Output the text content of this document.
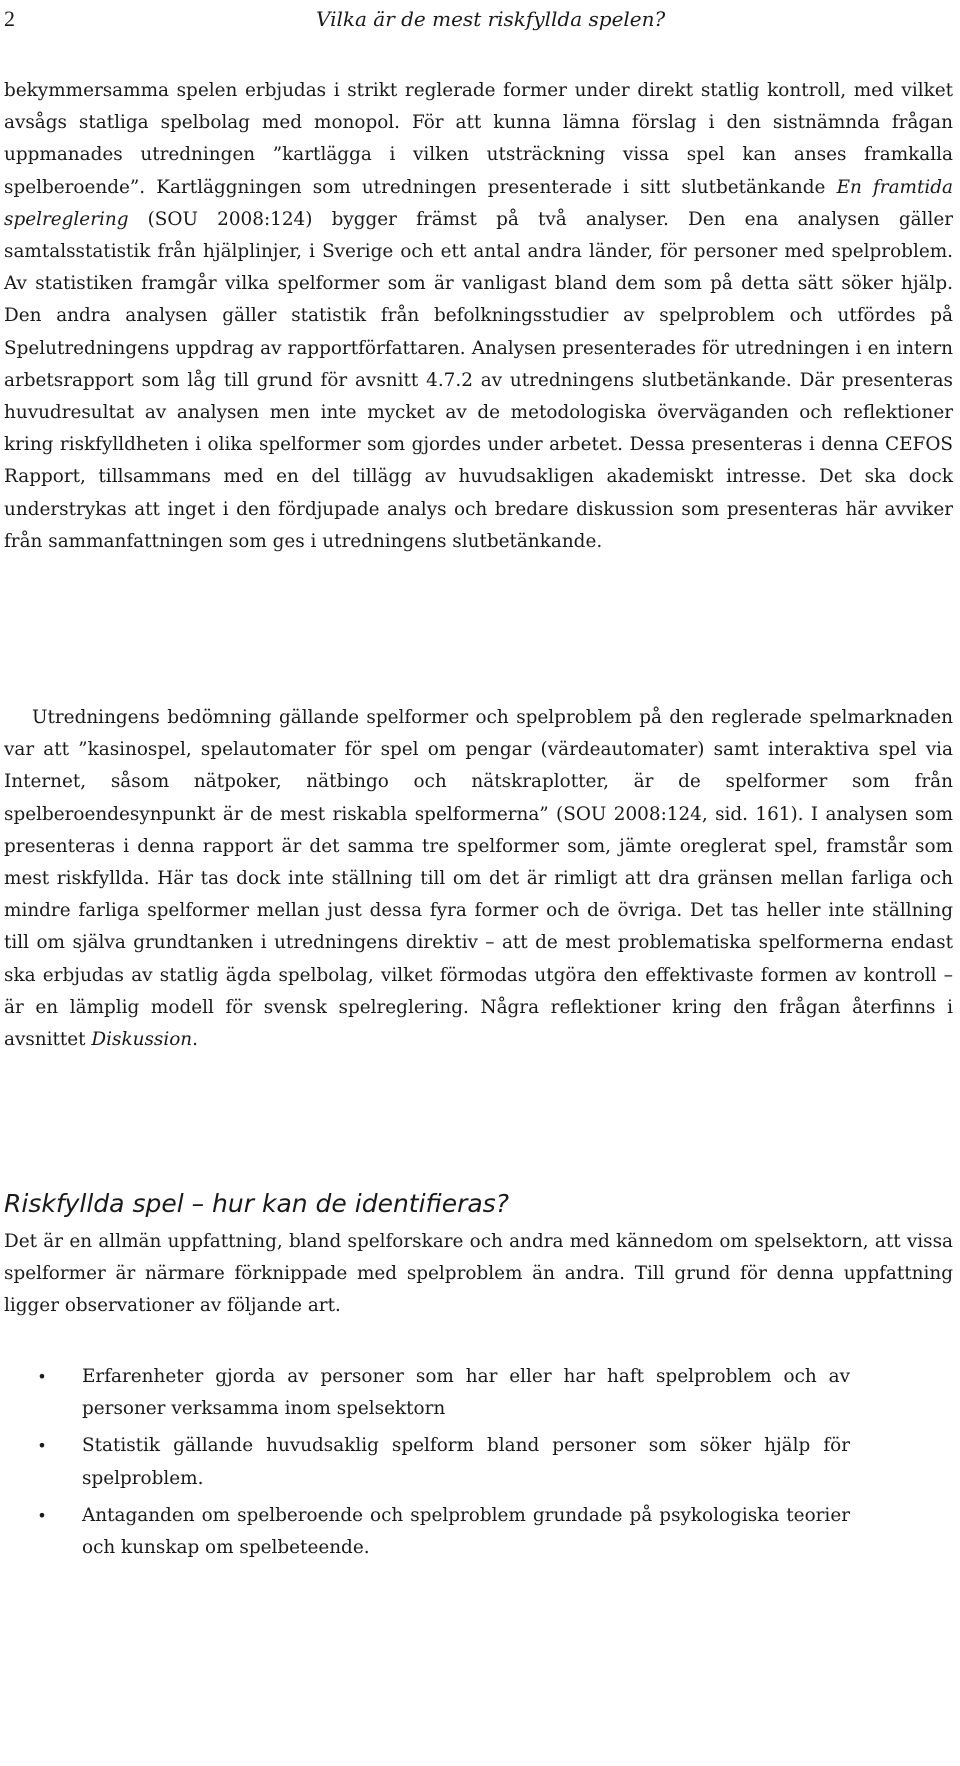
2	Vilka är de mest riskfyllda spelen?

bekymmersamma spelen erbjudas i strikt reglerade former under direkt statlig kontroll, med vilket avsågs statliga spelbolag med monopol. För att kunna lämna förslag i den sistnämnda frågan uppmanades utredningen ”kartlägga i vilken utsträckning vissa spel kan anses framkalla spelberoende”. Kartläggningen som utredningen presenterade i sitt slutbetänkande En framtida spelreglering (SOU 2008:124) bygger främst på två analyser. Den ena analysen gäller samtalsstatistik från hjälplinjer, i Sverige och ett antal andra länder, för personer med spelproblem. Av statistiken framgår vilka spelformer som är vanligast bland dem som på detta sätt söker hjälp. Den andra analysen gäller statistik från befolkningsstudier av spelproblem och utfördes på Spelutredningens uppdrag av rapportförfattaren. Analysen presenterades för utredningen i en intern arbetsrapport som låg till grund för avsnitt 4.7.2 av utredningens slutbetänkande. Där presenteras huvudresultat av analysen men inte mycket av de metodologiska överväganden och reflektioner kring riskfylldheten i olika spelformer som gjordes under arbetet. Dessa presenteras i denna CEFOS Rapport, tillsammans med en del tillägg av huvudsakligen akademiskt intresse. Det ska dock understrykas att inget i den fördjupade analys och bredare diskussion som presenteras här avviker från sammanfattningen som ges i utredningens slutbetänkande.

Utredningens bedömning gällande spelformer och spelproblem på den reglerade spelmarknaden var att ”kasinospel, spelautomater för spel om pengar (värdeautomater) samt interaktiva spel via Internet, såsom nätpoker, nätbingo och nätskraplotter, är de spelformer som från spelberoendesynpunkt är de mest riskabla spelformerna” (SOU 2008:124, sid. 161). I analysen som presenteras i denna rapport är det samma tre spelformer som, jämte oreglerat spel, framstår som mest riskfyllda. Här tas dock inte ställning till om det är rimligt att dra gränsen mellan farliga och mindre farliga spelformer mellan just dessa fyra former och de övriga. Det tas heller inte ställning till om själva grundtanken i utredningens direktiv – att de mest problematiska spelformerna endast ska erbjudas av statlig ägda spelbolag, vilket förmodas utgöra den effektivaste formen av kontroll – är en lämplig modell för svensk spelreglering. Några reflektioner kring den frågan återfinns i avsnittet Diskussion.

Riskfyllda spel – hur kan de identifieras?

Det är en allmän uppfattning, bland spelforskare och andra med kännedom om spelsektorn, att vissa spelformer är närmare förknippade med spelproblem än andra. Till grund för denna uppfattning ligger observationer av följande art.

• Erfarenheter gjorda av personer som har eller har haft spelproblem och av personer verksamma inom spelsektorn
• Statistik gällande huvudsaklig spelform bland personer som söker hjälp för spelproblem.
• Antaganden om spelberoende och spelproblem grundade på psykologiska teorier och kunskap om spelbeteende.
